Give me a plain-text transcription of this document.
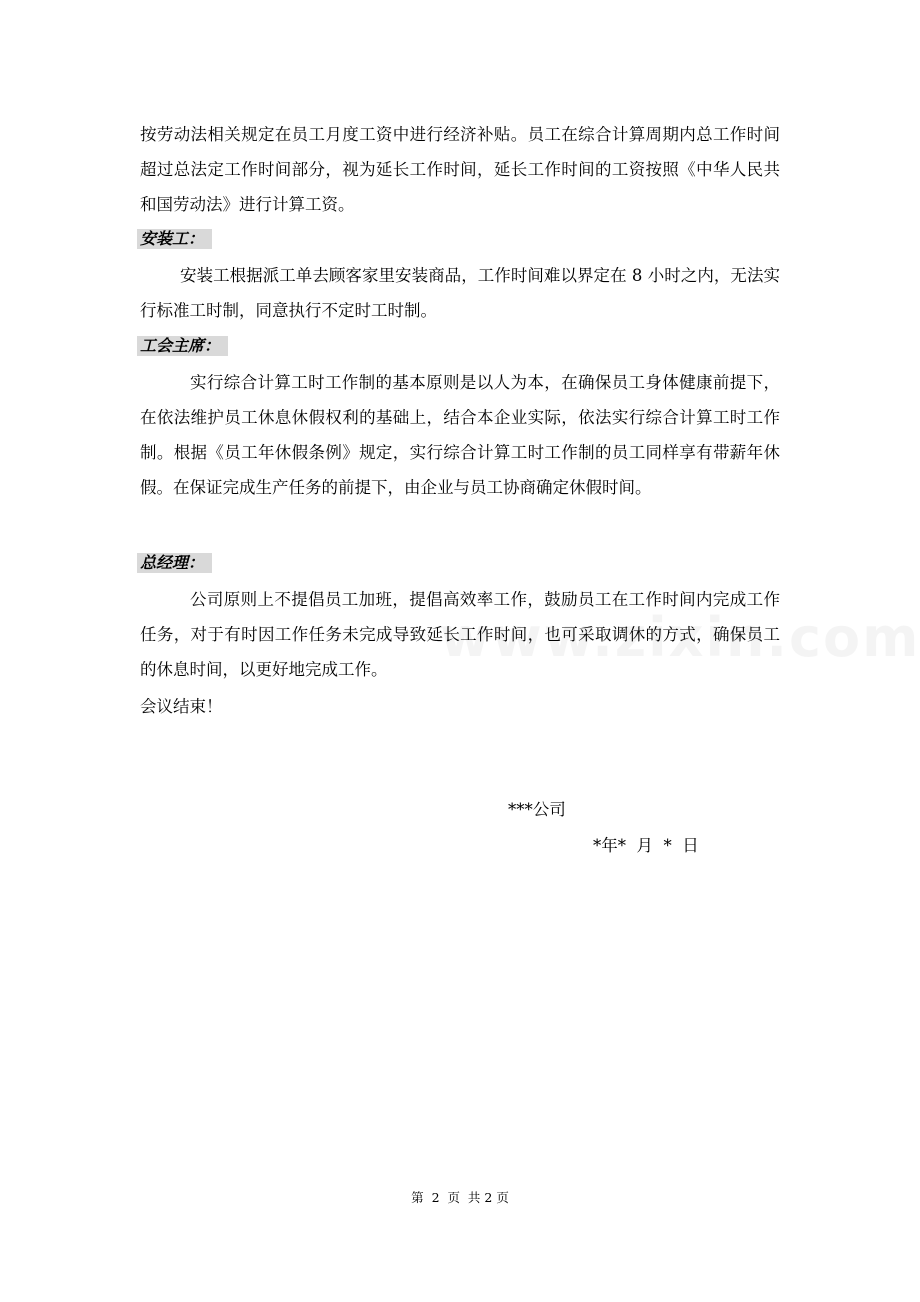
按劳动法相关规定在员工月度工资中进行经济补贴。员工在综合计算周期内总工作时间超过总法定工作时间部分，视为延长工作时间，延长工作时间的工资按照《中华人民共和国劳动法》进行计算工资。

安装工：

安装工根据派工单去顾客家里安装商品，工作时间难以界定在 8 小时之内，无法实行标准工时制，同意执行不定时工时制。

工会主席：

实行综合计算工时工作制的基本原则是以人为本，在确保员工身体健康前提下，在依法维护员工休息休假权利的基础上，结合本企业实际，依法实行综合计算工时工作制。根据《员工年休假条例》规定，实行综合计算工时工作制的员工同样享有带薪年休假。在保证完成生产任务的前提下，由企业与员工协商确定休假时间。

总经理：

公司原则上不提倡员工加班，提倡高效率工作，鼓励员工在工作时间内完成工作任务，对于有时因工作任务未完成导致延长工作时间，也可采取调休的方式，确保员工的休息时间，以更好地完成工作。

会议结束！
***公司
*年*  月  *  日
第  2  页  共 2 页
